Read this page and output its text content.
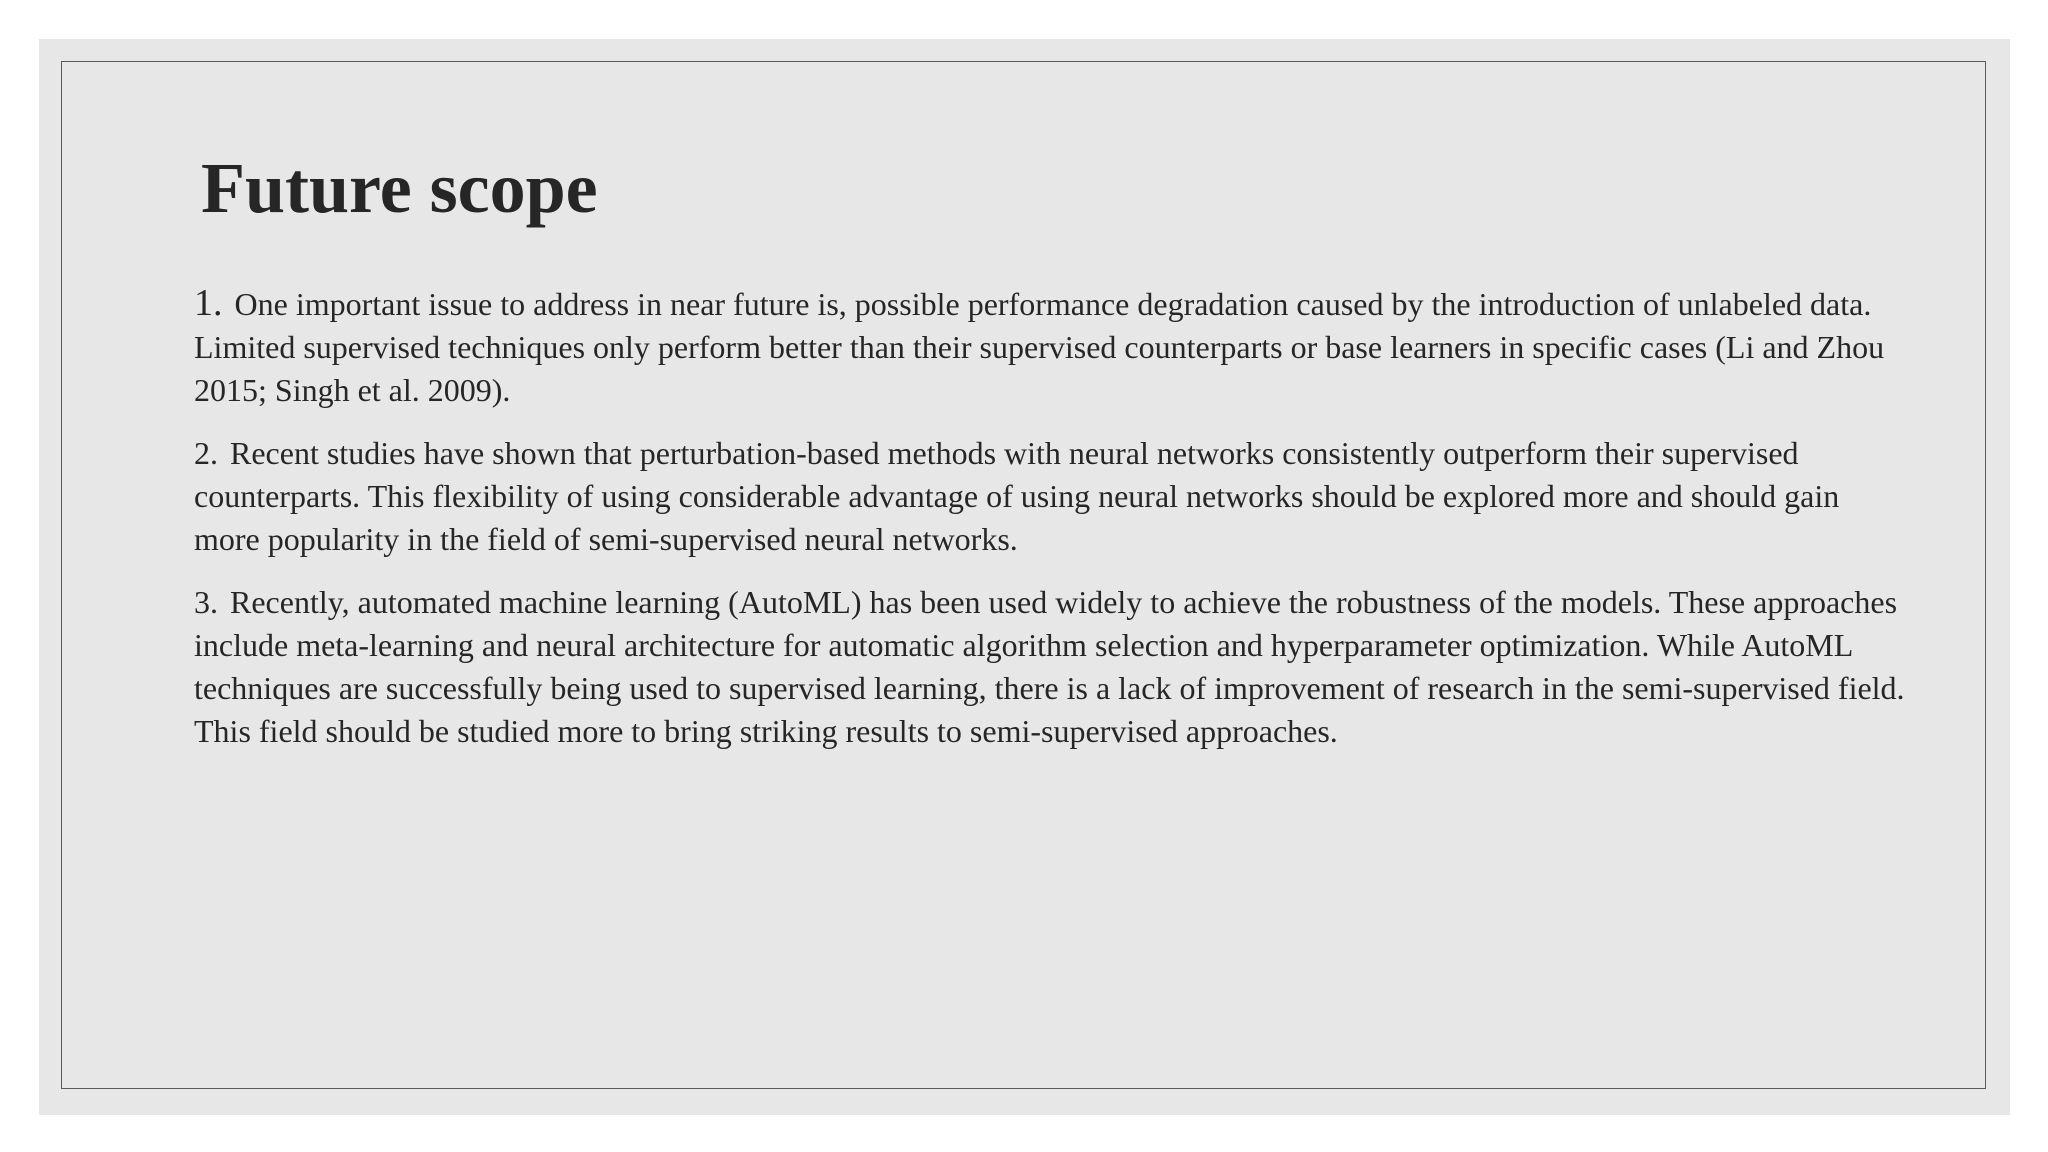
Future scope

1. One important issue to address in near future is, possible performance degradation caused by the introduction of unlabeled data. Limited supervised techniques only perform better than their supervised counterparts or base learners in specific cases (Li and Zhou 2015; Singh et al. 2009).

2. Recent studies have shown that perturbation-based methods with neural networks consistently outperform their supervised counterparts. This flexibility of using considerable advantage of using neural networks should be explored more and should gain more popularity in the field of semi-supervised neural networks.

3. Recently, automated machine learning (AutoML) has been used widely to achieve the robustness of the models. These approaches include meta-learning and neural architecture for automatic algorithm selection and hyperparameter optimization. While AutoML techniques are successfully being used to supervised learning, there is a lack of improvement of research in the semi-supervised field. This field should be studied more to bring striking results to semi-supervised approaches.
